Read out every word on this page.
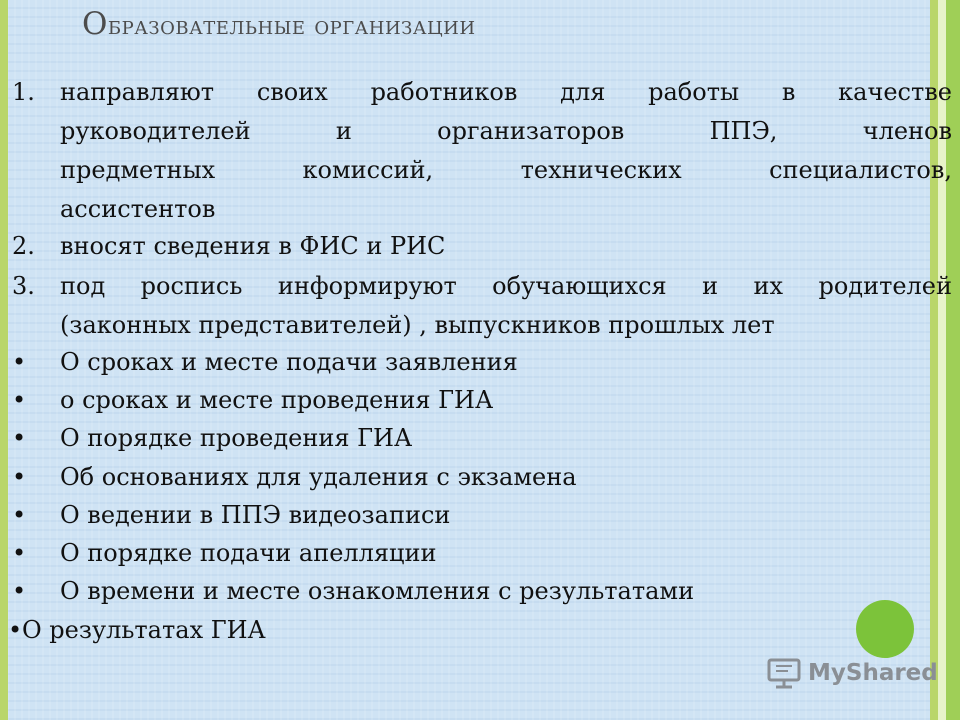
Образовательные организации
1. направляют своих работников для работы в качестве
руководителей и организаторов ППЭ, членов
предметных комиссий, технических специалистов,
ассистентов
2. вносят сведения в ФИС и РИС
3. под роспись информируют обучающихся и их родителей
(законных представителей) , выпускников прошлых лет
• О сроках и месте подачи заявления
• о сроках и месте проведения ГИА
• О порядке проведения ГИА
• Об основаниях для удаления с экзамена
• О ведении в ППЭ видеозаписи
• О порядке подачи апелляции
• О времени и месте ознакомления с результатами
• О результатах ГИА
MyShared
